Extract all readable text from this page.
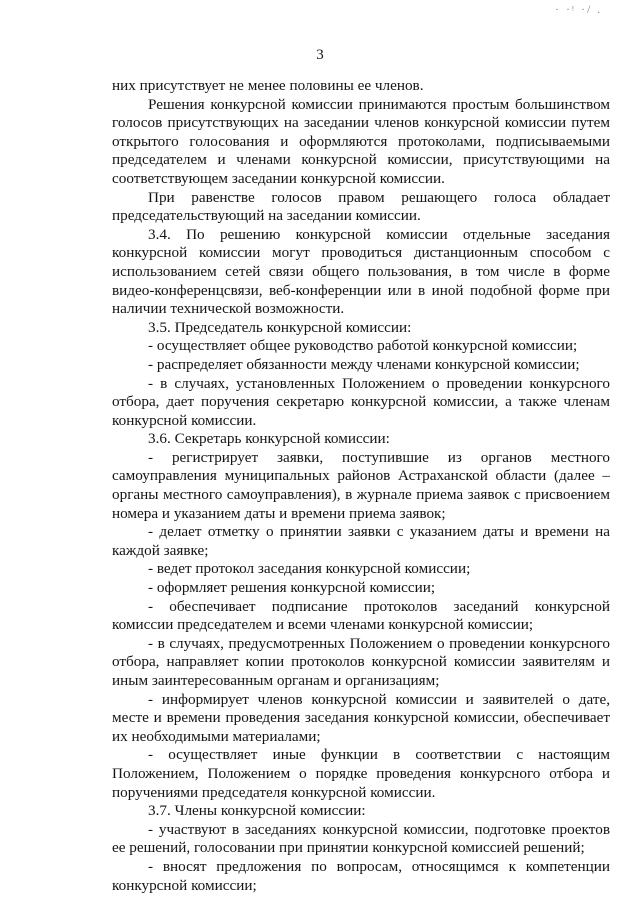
· ·ᵎ ·/ .
3

них присутствует не менее половины ее членов.

Решения конкурсной комиссии принимаются простым большинством голосов присутствующих на заседании членов конкурсной комиссии путем открытого голосования и оформляются протоколами, подписываемыми председателем и членами конкурсной комиссии, присутствующими на соответствующем заседании конкурсной комиссии.

При равенстве голосов правом решающего голоса обладает председательствующий на заседании комиссии.

3.4. По решению конкурсной комиссии отдельные заседания конкурсной комиссии могут проводиться дистанционным способом с использованием сетей связи общего пользования, в том числе в форме видео-конференцсвязи, веб-конференции или в иной подобной форме при наличии технической возможности.

3.5. Председатель конкурсной комиссии:

- осуществляет общее руководство работой конкурсной комиссии;

- распределяет обязанности между членами конкурсной комиссии;

- в случаях, установленных Положением о проведении конкурсного отбора, дает поручения секретарю конкурсной комиссии, а также членам конкурсной комиссии.

3.6. Секретарь конкурсной комиссии:

- регистрирует заявки, поступившие из органов местного самоуправления муниципальных районов Астраханской области (далее – органы местного самоуправления), в журнале приема заявок с присвоением номера и указанием даты и времени приема заявок;

- делает отметку о принятии заявки с указанием даты и времени на каждой заявке;

- ведет протокол заседания конкурсной комиссии;

- оформляет решения конкурсной комиссии;

- обеспечивает подписание протоколов заседаний конкурсной комиссии председателем и всеми членами конкурсной комиссии;

- в случаях, предусмотренных Положением о проведении конкурсного отбора, направляет копии протоколов конкурсной комиссии заявителям и иным заинтересованным органам и организациям;

- информирует членов конкурсной комиссии и заявителей о дате, месте и времени проведения заседания конкурсной комиссии, обеспечивает их необходимыми материалами;

- осуществляет иные функции в соответствии с настоящим Положением, Положением о порядке проведения конкурсного отбора и поручениями председателя конкурсной комиссии.

3.7. Члены конкурсной комиссии:

- участвуют в заседаниях конкурсной комиссии, подготовке проектов ее решений, голосовании при принятии конкурсной комиссией решений;

- вносят предложения по вопросам, относящимся к компетенции конкурсной комиссии;
